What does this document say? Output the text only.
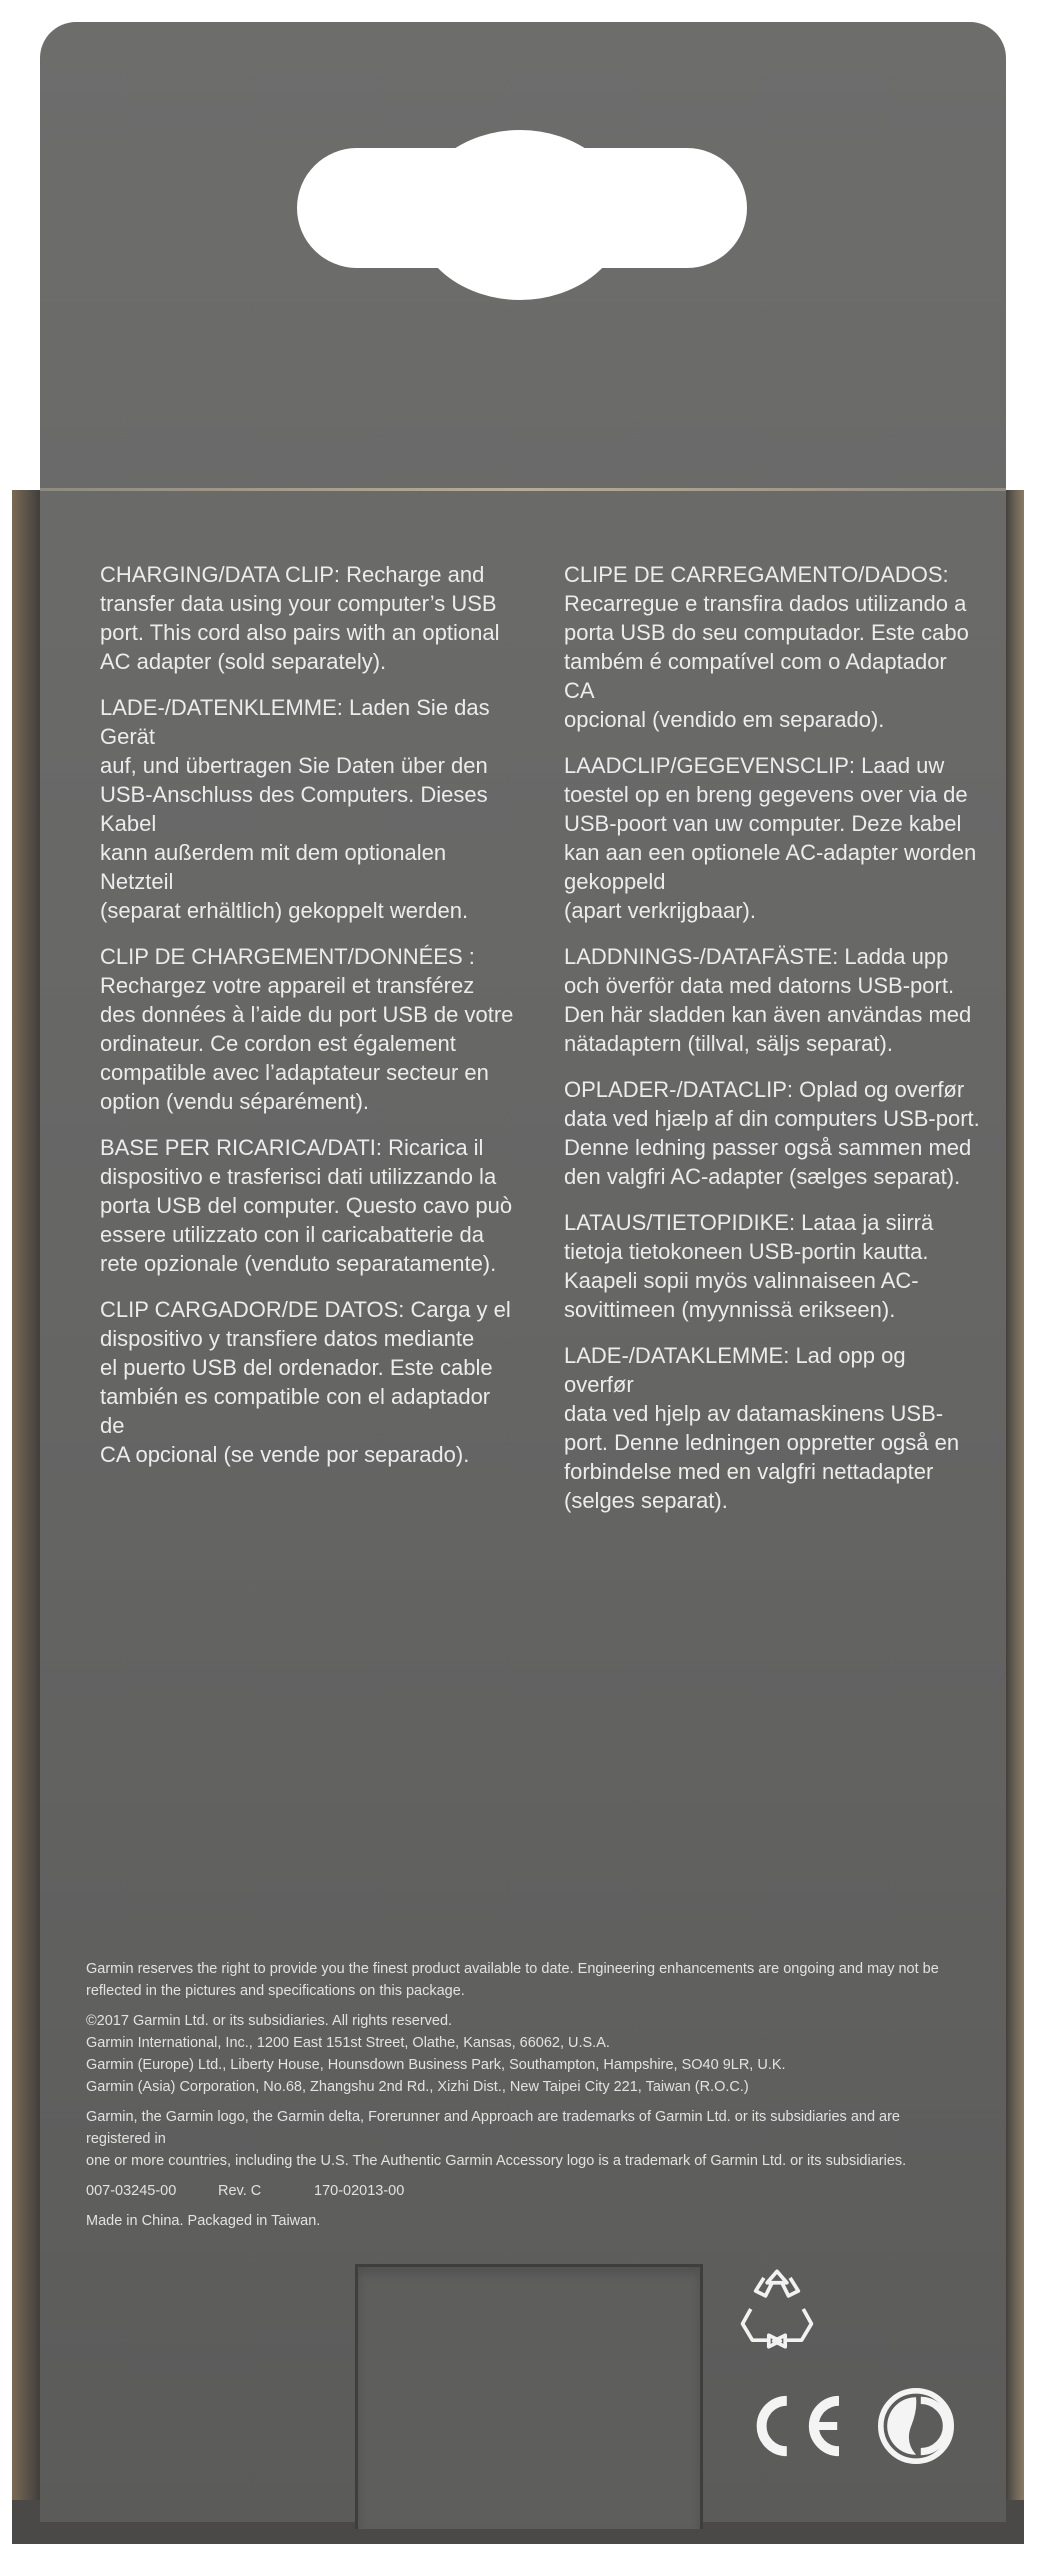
CHARGING/DATA CLIP: Recharge and
transfer data using your computer’s USB
port. This cord also pairs with an optional
AC adapter (sold separately).

LADE-/DATENKLEMME: Laden Sie das Gerät
auf, und übertragen Sie Daten über den
USB-Anschluss des Computers. Dieses Kabel
kann außerdem mit dem optionalen Netzteil
(separat erhältlich) gekoppelt werden.

CLIP DE CHARGEMENT/DONNÉES :
Rechargez votre appareil et transférez
des données à l’aide du port USB de votre
ordinateur. Ce cordon est également
compatible avec l’adaptateur secteur en
option (vendu séparément).

BASE PER RICARICA/DATI: Ricarica il
dispositivo e trasferisci dati utilizzando la
porta USB del computer. Questo cavo può
essere utilizzato con il caricabatterie da
rete opzionale (venduto separatamente).

CLIP CARGADOR/DE DATOS: Carga y el
dispositivo y transfiere datos mediante
el puerto USB del ordenador. Este cable
también es compatible con el adaptador de
CA opcional (se vende por separado).

CLIPE DE CARREGAMENTO/DADOS:
Recarregue e transfira dados utilizando a
porta USB do seu computador. Este cabo
também é compatível com o Adaptador CA
opcional (vendido em separado).

LAADCLIP/GEGEVENSCLIP: Laad uw
toestel op en breng gegevens over via de
USB-poort van uw computer. Deze kabel
kan aan een optionele AC-adapter worden
gekoppeld
(apart verkrijgbaar).

LADDNINGS-/DATAFÄSTE: Ladda upp
och överför data med datorns USB-port.
Den här sladden kan även användas med
nätadaptern (tillval, säljs separat).

OPLADER-/DATACLIP: Oplad og overfør
data ved hjælp af din computers USB-port.
Denne ledning passer også sammen med
den valgfri AC-adapter (sælges separat).

LATAUS/TIETOPIDIKE: Lataa ja siirrä
tietoja tietokoneen USB-portin kautta.
Kaapeli sopii myös valinnaiseen AC-
sovittimeen (myynnissä erikseen).

LADE-/DATAKLEMME: Lad opp og overfør
data ved hjelp av datamaskinens USB-
port. Denne ledningen oppretter også en
forbindelse med en valgfri nettadapter
(selges separat).

Garmin reserves the right to provide you the finest product available to date. Engineering enhancements are ongoing and may not be
reflected in the pictures and specifications on this package.

©2017 Garmin Ltd. or its subsidiaries. All rights reserved.

Garmin International, Inc., 1200 East 151st Street, Olathe, Kansas, 66062, U.S.A.

Garmin (Europe) Ltd., Liberty House, Hounsdown Business Park, Southampton, Hampshire, SO40 9LR, U.K.

Garmin (Asia) Corporation, No.68, Zhangshu 2nd Rd., Xizhi Dist., New Taipei City 221, Taiwan (R.O.C.)

Garmin, the Garmin logo, the Garmin delta, Forerunner and Approach are trademarks of Garmin Ltd. or its subsidiaries and are registered in
one or more countries, including the U.S. The Authentic Garmin Accessory logo is a trademark of Garmin Ltd. or its subsidiaries.

007-03245-00	Rev. C	170-02013-00

Made in China. Packaged in Taiwan.
